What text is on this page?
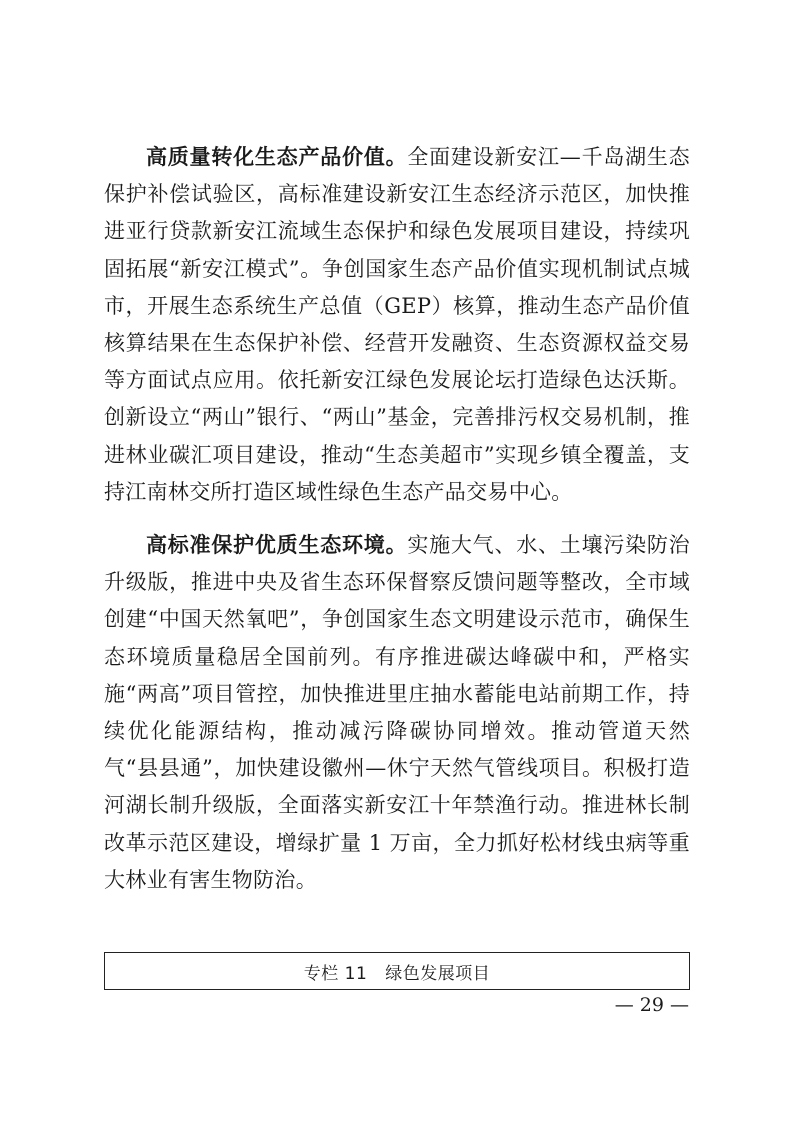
高质量转化生态产品价值。全面建设新安江—千岛湖生态保护补偿试验区，高标准建设新安江生态经济示范区，加快推进亚行贷款新安江流域生态保护和绿色发展项目建设，持续巩固拓展“新安江模式”。争创国家生态产品价值实现机制试点城市，开展生态系统生产总值（GEP）核算，推动生态产品价值核算结果在生态保护补偿、经营开发融资、生态资源权益交易等方面试点应用。依托新安江绿色发展论坛打造绿色达沃斯。创新设立“两山”银行、“两山”基金，完善排污权交易机制，推进林业碳汇项目建设，推动“生态美超市”实现乡镇全覆盖，支持江南林交所打造区域性绿色生态产品交易中心。

高标准保护优质生态环境。实施大气、水、土壤污染防治升级版，推进中央及省生态环保督察反馈问题等整改，全市域创建“中国天然氧吧”，争创国家生态文明建设示范市，确保生态环境质量稳居全国前列。有序推进碳达峰碳中和，严格实施“两高”项目管控，加快推进里庄抽水蓄能电站前期工作，持续优化能源结构，推动减污降碳协同增效。推动管道天然气“县县通”，加快建设徽州—休宁天然气管线项目。积极打造河湖长制升级版，全面落实新安江十年禁渔行动。推进林长制改革示范区建设，增绿扩量 1 万亩，全力抓好松材线虫病等重大林业有害生物防治。

专栏 11 绿色发展项目
— 29 —
